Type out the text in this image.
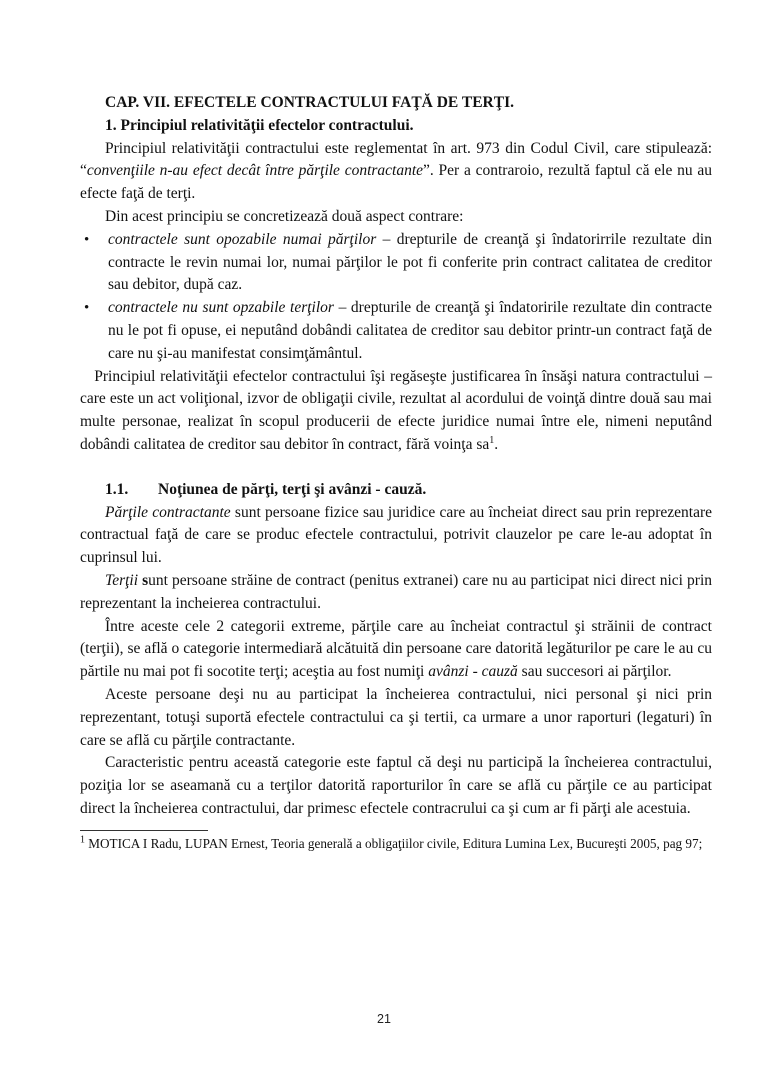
CAP. VII. EFECTELE CONTRACTULUI FAŢĂ DE TERŢI.

1. Principiul relativităţii efectelor contractului.

Principiul relativităţii contractului este reglementat în art. 973 din Codul Civil, care stipulează: “convenţiile n-au efect decât între părţile contractante”. Per a contraroio, rezultă faptul că ele nu au efecte faţă de terţi.

Din acest principiu se concretizează două aspect contrare:

• contractele sunt opozabile numai părţilor – drepturile de creanţă şi îndatorirrile rezultate din contracte le revin numai lor, numai părţilor le pot fi conferite prin contract calitatea de creditor sau debitor, după caz.
• contractele nu sunt opzabile terţilor – drepturile de creanţă şi îndatoririle rezultate din contracte nu le pot fi opuse, ei neputând dobândi calitatea de creditor sau debitor printr-un contract faţă de care nu şi-au manifestat consimţământul.

Principiul relativităţii efectelor contractului îşi regăseşte justificarea în însăşi natura contractului – care este un act voliţional, izvor de obligaţii civile, rezultat al acordului de voinţă dintre două sau mai multe personae, realizat în scopul producerii de efecte juridice numai între ele, nimeni neputând dobândi calitatea de creditor sau debitor în contract, fără voinţa $sa^1$.

1.1. Noţiunea de părţi, terţi şi avânzi - cauză.

Părţile contractante sunt persoane fizice sau juridice care au încheiat direct sau prin reprezentare contractual faţă de care se produc efectele contractului, potrivit clauzelor pe care le-au adoptat în cuprinsul lui.

Terţii sunt persoane străine de contract (penitus extranei) care nu au participat nici direct nici prin reprezentant la incheierea contractului.

Între aceste cele 2 categorii extreme, părţile care au încheiat contractul şi străinii de contract (terţii), se află o categorie intermediară alcătuită din persoane care datorită legăturilor pe care le au cu părtile nu mai pot fi socotite terţi; aceştia au fost numiţi avânzi - cauză sau succesori ai părţilor.

Aceste persoane deşi nu au participat la încheierea contractului, nici personal şi nici prin reprezentant, totuşi suportă efectele contractului ca şi tertii, ca urmare a unor raporturi (legaturi) în care se află cu părţile contractante.

Caracteristic pentru această categorie este faptul că deşi nu participă la încheierea contractului, poziţia lor se aseamană cu a terţilor datorită raporturilor în care se află cu părţile ce au participat direct la încheierea contractului, dar primesc efectele contracrului ca şi cum ar fi părţi ale acestuia.

$^1$ MOTICA I Radu, LUPAN Ernest, Teoria generală a obligaţiilor civile, Editura Lumina Lex, Bucureşti 2005, pag 97;

21
